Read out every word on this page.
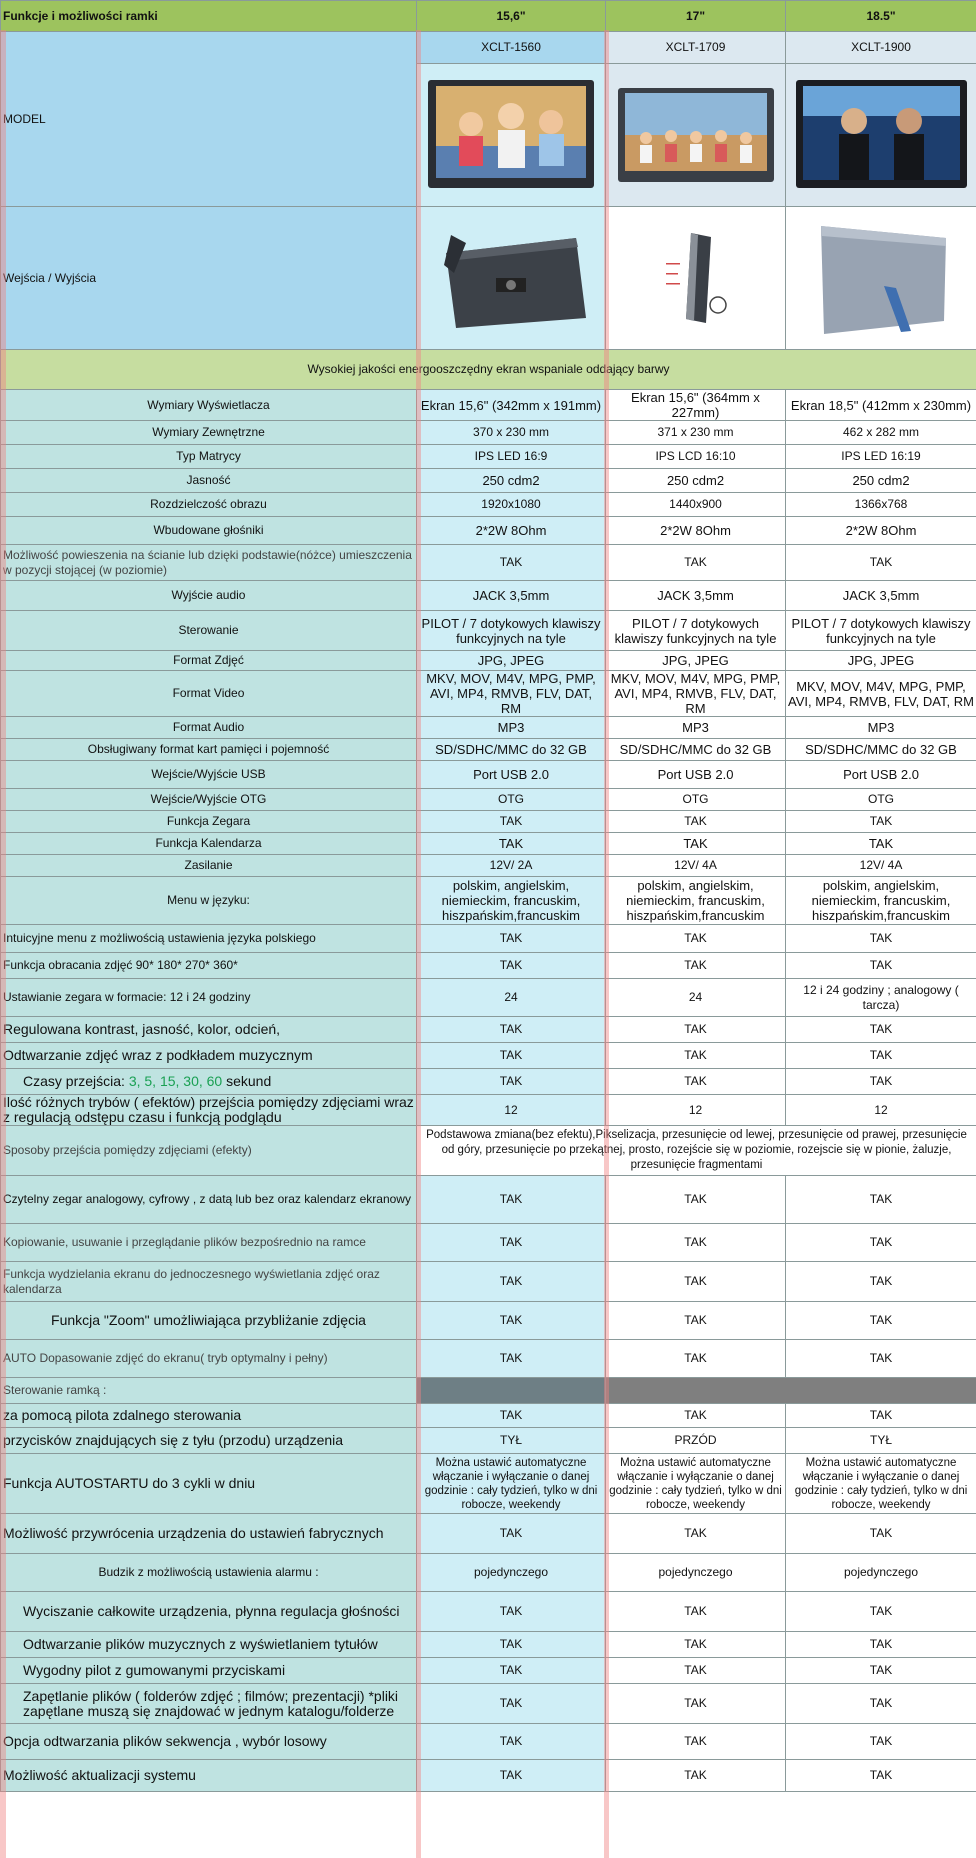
Funkcje i możliwości ramki	15,6"	17"	18.5"	
MODEL	XCLT-1560	XCLT-1709	XCLT-1900	

Wejścia / Wyjścia	

Wysokiej jakości energooszczędny ekran wspaniale oddający barwy				
Wymiary Wyświetlacza	Ekran 15,6" (342mm x 191mm)	Ekran 15,6" (364mm x 227mm)	Ekran 18,5" (412mm x 230mm)	
Wymiary Zewnętrzne	370 x 230 mm	371 x 230 mm	462 x 282 mm	
Typ Matrycy	IPS LED 16:9	IPS LCD 16:10	IPS LED 16:19	
Jasność	250 cdm2	250 cdm2	250 cdm2	
Rozdzielczość obrazu	1920x1080	1440x900	1366x768	
Wbudowane głośniki	2*2W 8Ohm	2*2W 8Ohm	2*2W 8Ohm	
Możliwość powieszenia na ścianie lub dzięki podstawie(nóżce) umieszczenia w pozycji stojącej (w poziomie)	TAK	TAK	TAK	
Wyjście audio	JACK 3,5mm	JACK 3,5mm	JACK 3,5mm	
Sterowanie	PILOT / 7 dotykowych klawiszy funkcyjnych na tyle	PILOT / 7 dotykowych klawiszy funkcyjnych na tyle	PILOT / 7 dotykowych klawiszy funkcyjnych na tyle	
Format Zdjęć	JPG, JPEG	JPG, JPEG	JPG, JPEG	
Format Video	MKV, MOV, M4V, MPG, PMP, AVI, MP4, RMVB, FLV, DAT, RM	MKV, MOV, M4V, MPG, PMP, AVI, MP4, RMVB, FLV, DAT, RM	MKV, MOV, M4V, MPG, PMP, AVI, MP4, RMVB, FLV, DAT, RM	
Format Audio	MP3	MP3	MP3	
Obsługiwany format kart pamięci i pojemność	SD/SDHC/MMC do 32 GB	SD/SDHC/MMC do 32 GB	SD/SDHC/MMC do 32 GB	
Wejście/Wyjście USB	Port USB 2.0	Port USB 2.0	Port USB 2.0	
Wejście/Wyjście OTG	OTG	OTG	OTG	
Funkcja Zegara	TAK	TAK	TAK	
Funkcja Kalendarza	TAK	TAK	TAK	
Zasilanie	12V/ 2A	12V/ 4A	12V/ 4A	
Menu w języku:	polskim, angielskim, niemieckim, francuskim, hiszpańskim,francuskim	polskim, angielskim, niemieckim, francuskim, hiszpańskim,francuskim	polskim, angielskim, niemieckim, francuskim, hiszpańskim,francuskim	
Intuicyjne menu z możliwością ustawienia języka polskiego	TAK	TAK	TAK	
Funkcja obracania zdjęć 90* 180* 270* 360*	TAK	TAK	TAK	
Ustawianie zegara w formacie: 12 i 24 godziny	24	24	12 i 24 godziny ; analogowy ( tarcza)	
Regulowana kontrast, jasność, kolor, odcień,	TAK	TAK	TAK	
Odtwarzanie zdjęć wraz z podkładem muzycznym	TAK	TAK	TAK	
Czasy przejścia: 3, 5, 15, 30, 60 sekund	TAK	TAK	TAK	
Ilość różnych trybów ( efektów) przejścia pomiędzy zdjęciami wraz z regulacją odstępu czasu i funkcją podglądu	12	12	12	
Sposoby przejścia pomiędzy zdjęciami (efekty)	Podstawowa zmiana(bez efektu),Pikselizacja, przesunięcie od lewej, przesunięcie od prawej, przesunięcie od góry, przesunięcie po przekątnej, prosto, rozejście się w poziomie, rozejscie się w pionie, żaluzje, przesunięcie fragmentami			
Czytelny zegar analogowy, cyfrowy , z datą lub bez oraz kalendarz ekranowy	TAK	TAK	TAK	
Kopiowanie, usuwanie i przeglądanie plików bezpośrednio na ramce	TAK	TAK	TAK	
Funkcja wydzielania ekranu do jednoczesnego wyświetlania zdjęć oraz kalendarza	TAK	TAK	TAK	
Funkcja "Zoom" umożliwiająca przybliżanie zdjęcia	TAK	TAK	TAK	
AUTO Dopasowanie zdjęć do ekranu( tryb optymalny i pełny)	TAK	TAK	TAK	
Sterowanie ramką :				
za pomocą pilota zdalnego sterowania	TAK	TAK	TAK	
przycisków znajdujących się z tyłu (przodu) urządzenia	TYŁ	PRZÓD	TYŁ	
Funkcja AUTOSTARTU do 3 cykli w dniu	Można ustawić automatyczne włączanie i wyłączanie o danej godzinie : cały tydzień, tylko w dni robocze, weekendy	Można ustawić automatyczne włączanie i wyłączanie o danej godzinie : cały tydzień, tylko w dni robocze, weekendy	Można ustawić automatyczne włączanie i wyłączanie o danej godzinie : cały tydzień, tylko w dni robocze, weekendy	
Możliwość przywrócenia urządzenia do ustawień fabrycznych	TAK	TAK	TAK	
Budzik z możliwością ustawienia alarmu :	pojedynczego	pojedynczego	pojedynczego	
Wyciszanie całkowite urządzenia, płynna regulacja głośności	TAK	TAK	TAK	
Odtwarzanie plików muzycznych z wyświetlaniem tytułów	TAK	TAK	TAK	
Wygodny pilot z gumowanymi przyciskami	TAK	TAK	TAK	
Zapętlanie plików ( folderów zdjęć ; filmów; prezentacji) *pliki zapętlane muszą się znajdować w jednym katalogu/folderze	TAK	TAK	TAK	
Opcja odtwarzania plików sekwencja , wybór losowy	TAK	TAK	TAK	
Możliwość aktualizacji systemu	TAK	TAK	TAK	
